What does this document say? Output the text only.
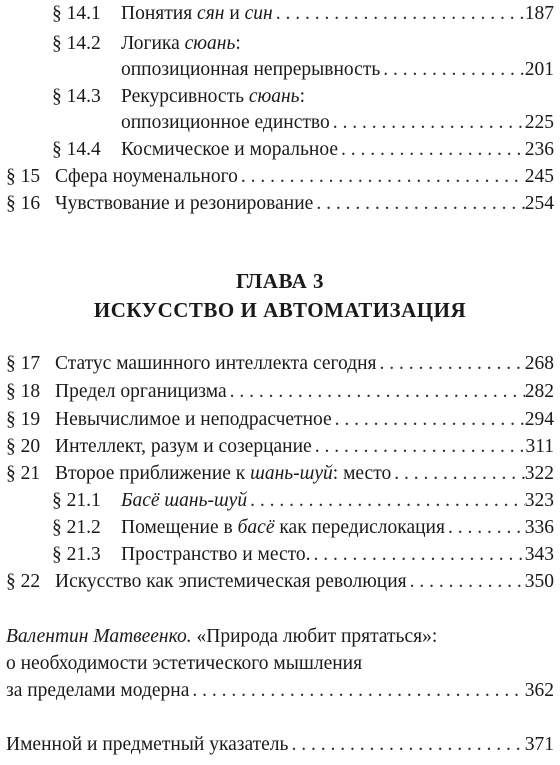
§ 14.1 Понятия сян и син . . .	187
§ 14.2 Логика сюань:
оппозиционная непрерывность . . .	201
§ 14.3 Рекурсивность сюань:
оппозиционное единство . . .	225
§ 14.4 Космическое и моральное . . .	236
§ 15 Сфера ноуменального . . .	245
§ 16 Чувствование и резонирование . . .	254
ГЛАВА 3
ИСКУССТВО И АВТОМАТИЗАЦИЯ
§ 17 Статус машинного интеллекта сегодня . . .	268
§ 18 Предел органицизма . . .	282
§ 19 Невычислимое и неподрасчетное . . .	294
§ 20 Интеллект, разум и созерцание . . .	311
§ 21 Второе приближение к шань-шуй: место . . .	322
§ 21.1 Басё шань-шуй . . .	323
§ 21.2 Помещение в басё как передислокация . . .	336
§ 21.3 Пространство и место. . . .	343
§ 22 Искусство как эпистемическая революция . . .	350
Валентин Матвеенко. «Природа любит прятаться»:
о необходимости эстетического мышления
за пределами модерна . . .	362
Именной и предметный указатель . . .	371
